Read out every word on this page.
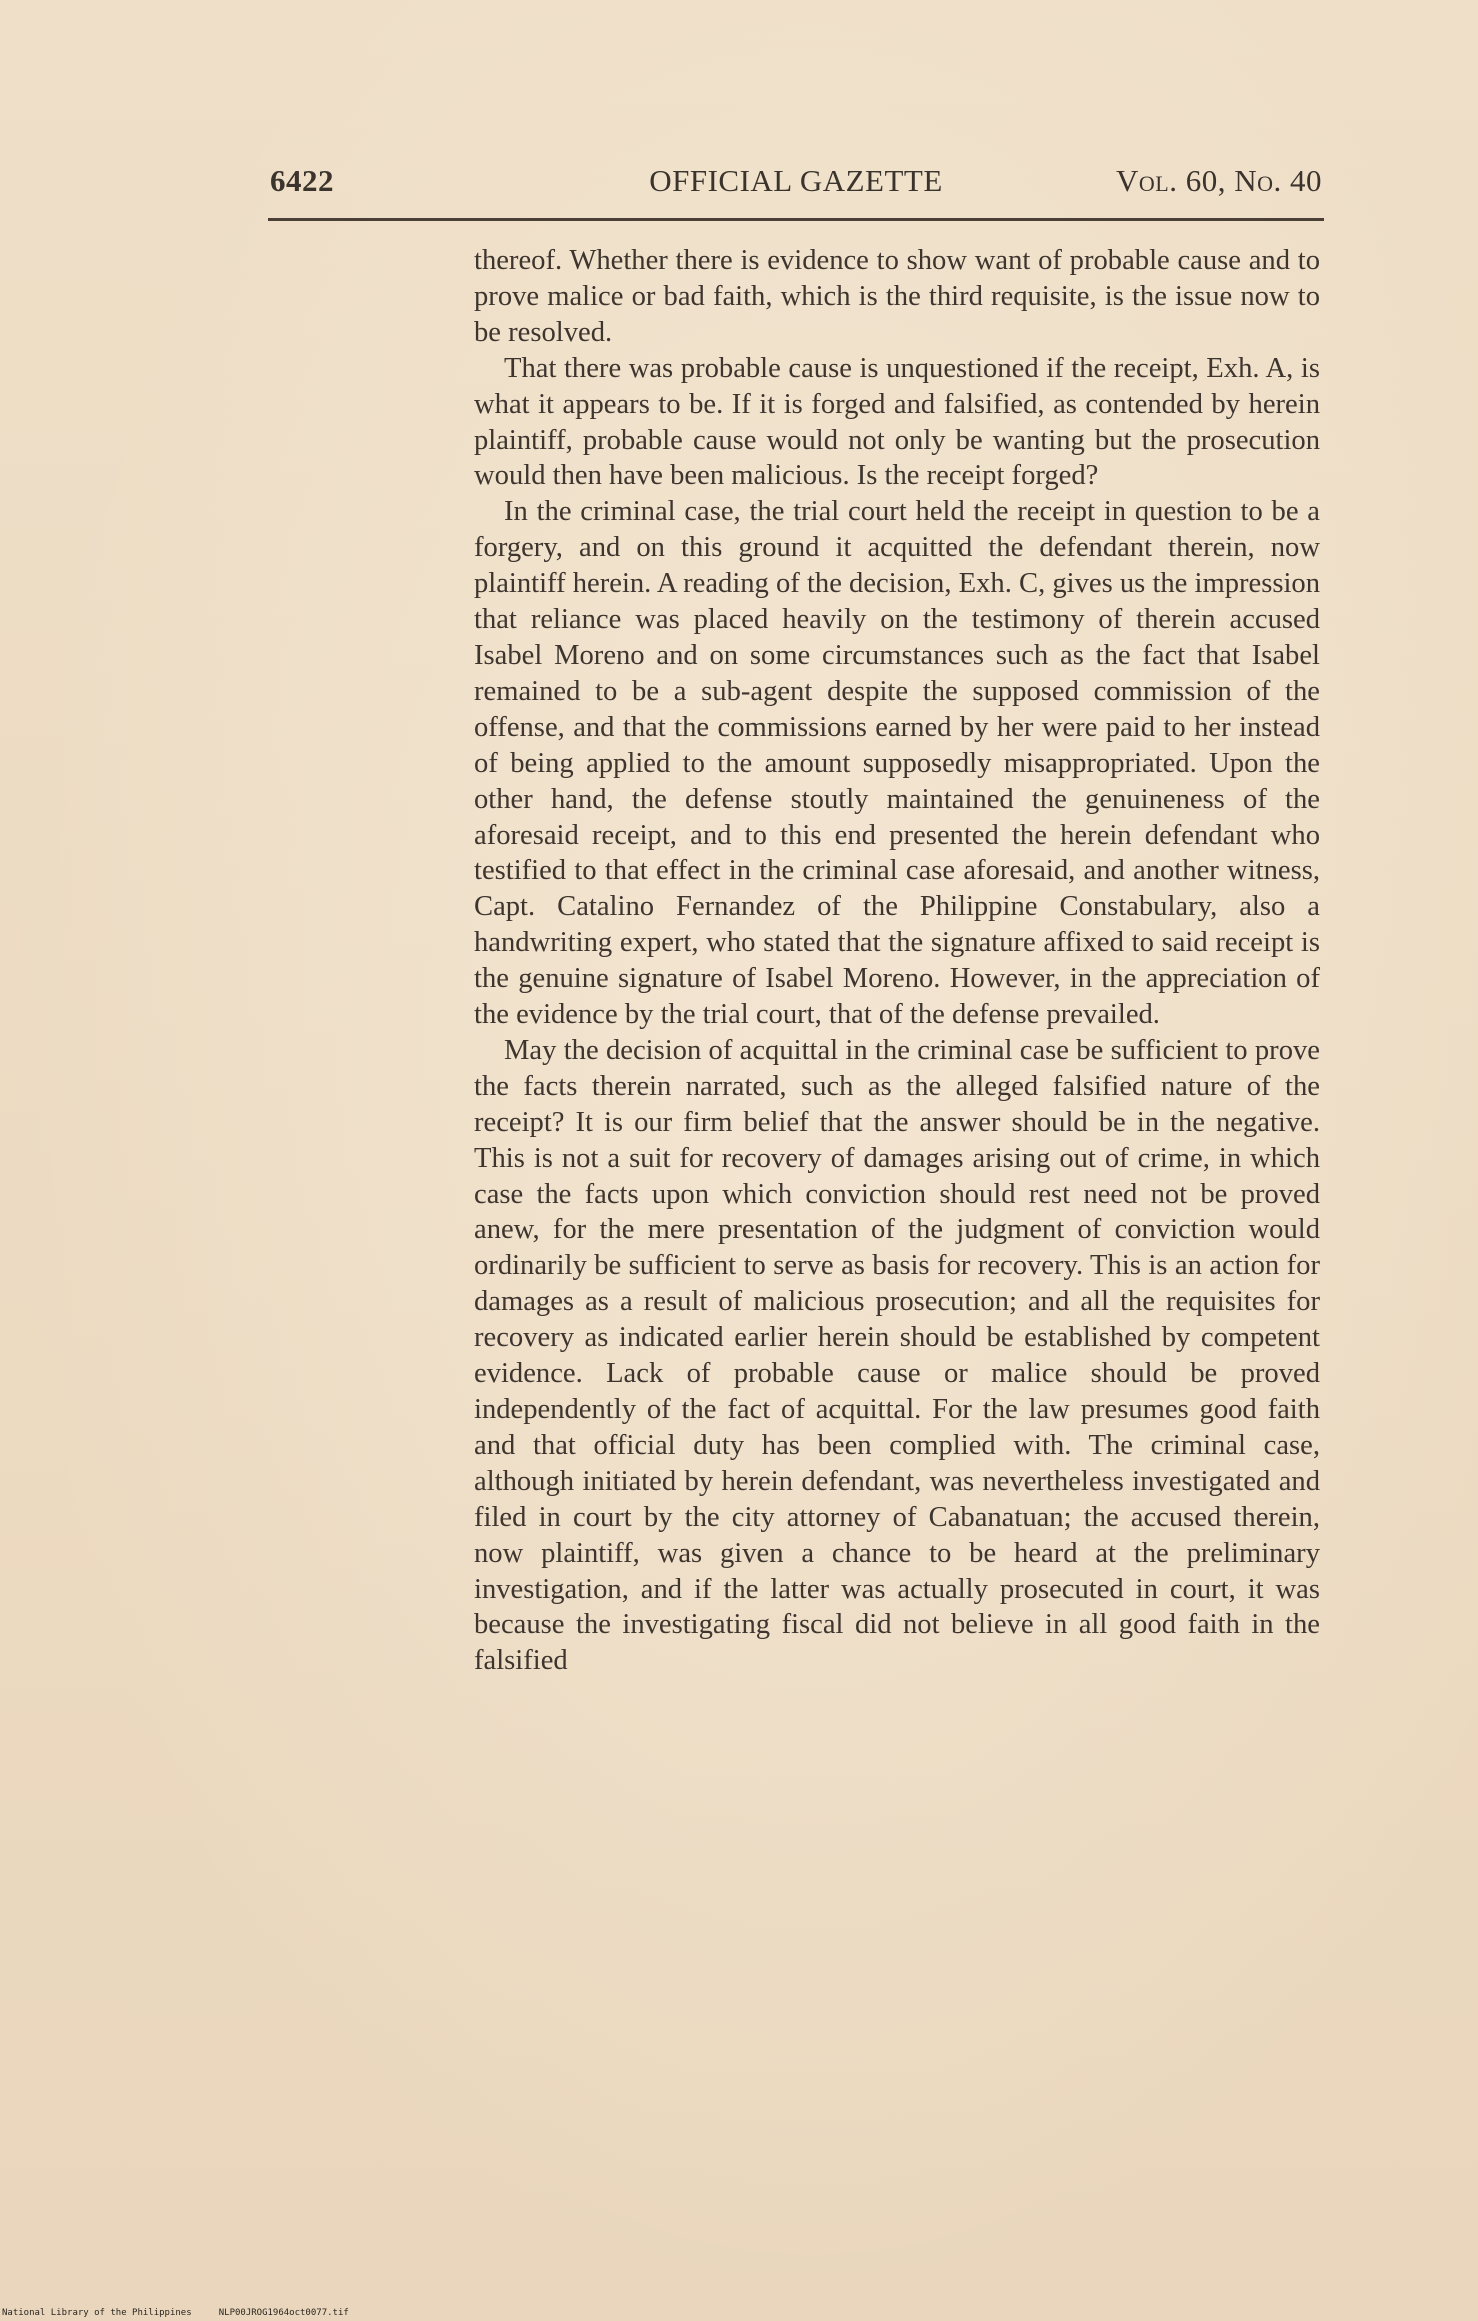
6422	OFFICIAL GAZETTE	Vol. 60, No. 40

thereof. Whether there is evidence to show want of probable cause and to prove malice or bad faith, which is the third requisite, is the issue now to be resolved.

That there was probable cause is unquestioned if the receipt, Exh. A, is what it appears to be. If it is forged and falsified, as contended by herein plaintiff, probable cause would not only be wanting but the prosecution would then have been malicious. Is the receipt forged?

In the criminal case, the trial court held the receipt in question to be a forgery, and on this ground it acquitted the defendant therein, now plaintiff herein. A reading of the decision, Exh. C, gives us the impression that reliance was placed heavily on the testimony of therein accused Isabel Moreno and on some circumstances such as the fact that Isabel remained to be a sub-agent despite the supposed commission of the offense, and that the commissions earned by her were paid to her instead of being applied to the amount supposedly misappropriated. Upon the other hand, the defense stoutly maintained the genuineness of the aforesaid receipt, and to this end presented the herein defendant who testified to that effect in the criminal case aforesaid, and another witness, Capt. Catalino Fernandez of the Philippine Constabulary, also a handwriting expert, who stated that the signature affixed to said receipt is the genuine signature of Isabel Moreno. However, in the appreciation of the evidence by the trial court, that of the defense prevailed.

May the decision of acquittal in the criminal case be sufficient to prove the facts therein narrated, such as the alleged falsified nature of the receipt? It is our firm belief that the answer should be in the negative. This is not a suit for recovery of damages arising out of crime, in which case the facts upon which conviction should rest need not be proved anew, for the mere presentation of the judgment of conviction would ordinarily be sufficient to serve as basis for recovery. This is an action for damages as a result of malicious prosecution; and all the requisites for recovery as indicated earlier herein should be established by competent evidence. Lack of probable cause or malice should be proved independently of the fact of acquittal. For the law presumes good faith and that official duty has been complied with. The criminal case, although initiated by herein defendant, was nevertheless investigated and filed in court by the city attorney of Cabanatuan; the accused therein, now plaintiff, was given a chance to be heard at the preliminary investigation, and if the latter was actually prosecuted in court, it was because the investigating fiscal did not believe in all good faith in the falsified

National Library of the Philippines     NLP00JROG1964oct0077.tif
